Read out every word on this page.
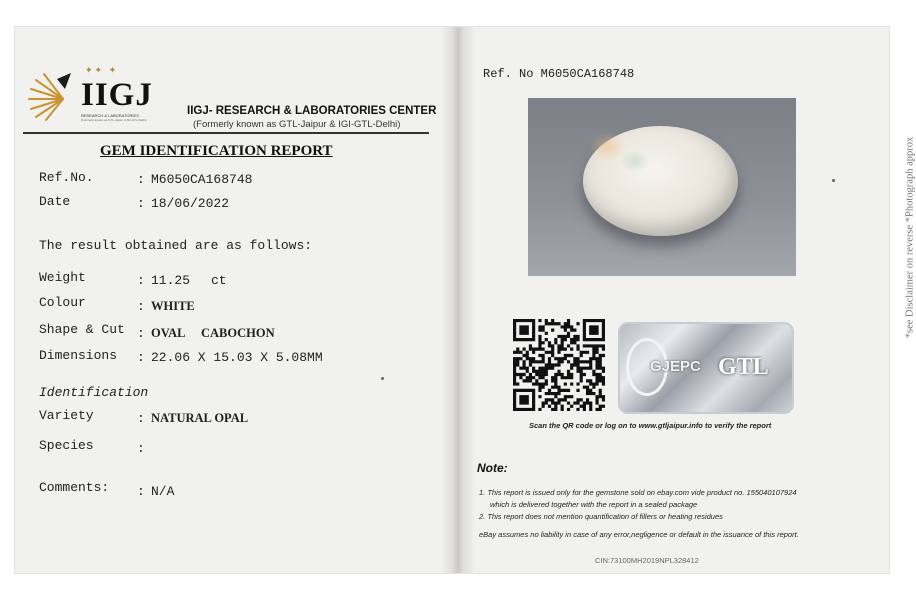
✦✦ ✦
IIGJ
RESEARCH & LABORATORIES
(Formerly known as GTL-Jaipur & IGI-GTL-Delhi)
IIGJ- RESEARCH & LABORATORIES CENTER
(Formerly known as GTL-Jaipur & IGI-GTL-Delhi)
GEM IDENTIFICATION REPORT
Ref.No.	: M6050CA168748
Date	: 18/06/2022
The result obtained are as follows:
Weight	: 11.25 ct
Colour	: WHITE
Shape & Cut : OVAL CABOCHON
Dimensions : 22.06 X 15.03 X 5.08MM
Identification
Variety	: NATURAL OPAL
Species	:
Comments: : N/A
Ref. No M6050CA168748
*see Disclaimer on reverse *Photograph approx
GJEPC GTL
Scan the QR code or log on to www.gtljaipur.info to verify the report
Note:
1. This report is issued only for the gemstone sold on ebay.com vide product no. 155040107924
which is delivered together with the report in a sealed package
2. This report does not mention quantification of fillers or heating residues
eBay assumes no liability in case of any error,negligence or default in the issuance of this report.
CIN:73100MH2019NPL328412
